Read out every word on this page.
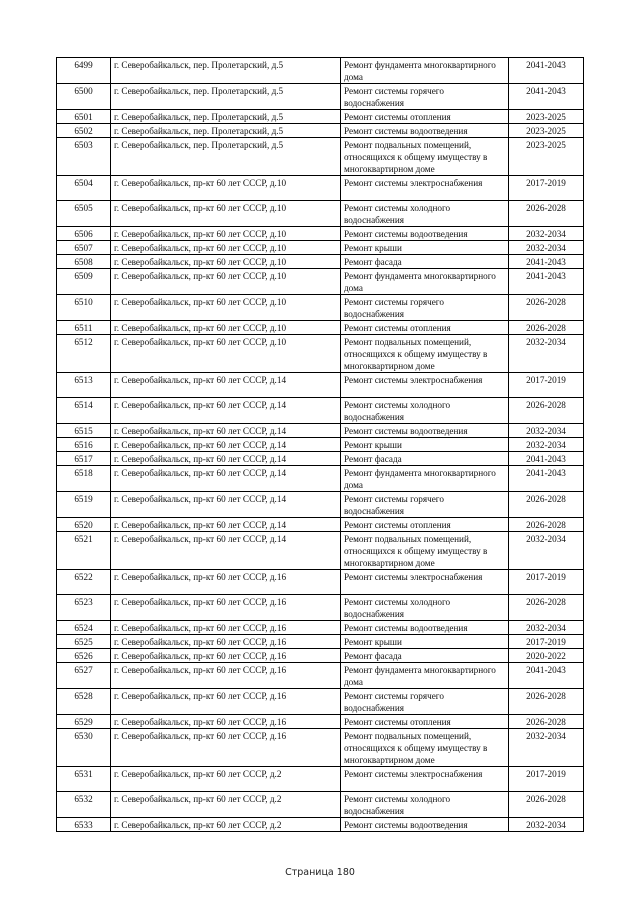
6499	г. Северобайкальск, пер. Пролетарский, д.5	Ремонт фундамента многоквартирного дома	2041-2043
6500	г. Северобайкальск, пер. Пролетарский, д.5	Ремонт системы горячего водоснабжения	2041-2043
6501	г. Северобайкальск, пер. Пролетарский, д.5	Ремонт системы отопления	2023-2025
6502	г. Северобайкальск, пер. Пролетарский, д.5	Ремонт системы водоотведения	2023-2025
6503	г. Северобайкальск, пер. Пролетарский, д.5	Ремонт подвальных помещений, относящихся к общему имуществу в многоквартирном доме	2023-2025
6504	г. Северобайкальск, пр-кт 60 лет СССР, д.10	Ремонт системы электроснабжения	2017-2019
6505	г. Северобайкальск, пр-кт 60 лет СССР, д.10	Ремонт системы холодного водоснабжения	2026-2028
6506	г. Северобайкальск, пр-кт 60 лет СССР, д.10	Ремонт системы водоотведения	2032-2034
6507	г. Северобайкальск, пр-кт 60 лет СССР, д.10	Ремонт крыши	2032-2034
6508	г. Северобайкальск, пр-кт 60 лет СССР, д.10	Ремонт фасада	2041-2043
6509	г. Северобайкальск, пр-кт 60 лет СССР, д.10	Ремонт фундамента многоквартирного дома	2041-2043
6510	г. Северобайкальск, пр-кт 60 лет СССР, д.10	Ремонт системы горячего водоснабжения	2026-2028
6511	г. Северобайкальск, пр-кт 60 лет СССР, д.10	Ремонт системы отопления	2026-2028
6512	г. Северобайкальск, пр-кт 60 лет СССР, д.10	Ремонт подвальных помещений, относящихся к общему имуществу в многоквартирном доме	2032-2034
6513	г. Северобайкальск, пр-кт 60 лет СССР, д.14	Ремонт системы электроснабжения	2017-2019
6514	г. Северобайкальск, пр-кт 60 лет СССР, д.14	Ремонт системы холодного водоснабжения	2026-2028
6515	г. Северобайкальск, пр-кт 60 лет СССР, д.14	Ремонт системы водоотведения	2032-2034
6516	г. Северобайкальск, пр-кт 60 лет СССР, д.14	Ремонт крыши	2032-2034
6517	г. Северобайкальск, пр-кт 60 лет СССР, д.14	Ремонт фасада	2041-2043
6518	г. Северобайкальск, пр-кт 60 лет СССР, д.14	Ремонт фундамента многоквартирного дома	2041-2043
6519	г. Северобайкальск, пр-кт 60 лет СССР, д.14	Ремонт системы горячего водоснабжения	2026-2028
6520	г. Северобайкальск, пр-кт 60 лет СССР, д.14	Ремонт системы отопления	2026-2028
6521	г. Северобайкальск, пр-кт 60 лет СССР, д.14	Ремонт подвальных помещений, относящихся к общему имуществу в многоквартирном доме	2032-2034
6522	г. Северобайкальск, пр-кт 60 лет СССР, д.16	Ремонт системы электроснабжения	2017-2019
6523	г. Северобайкальск, пр-кт 60 лет СССР, д.16	Ремонт системы холодного водоснабжения	2026-2028
6524	г. Северобайкальск, пр-кт 60 лет СССР, д.16	Ремонт системы водоотведения	2032-2034
6525	г. Северобайкальск, пр-кт 60 лет СССР, д.16	Ремонт крыши	2017-2019
6526	г. Северобайкальск, пр-кт 60 лет СССР, д.16	Ремонт фасада	2020-2022
6527	г. Северобайкальск, пр-кт 60 лет СССР, д.16	Ремонт фундамента многоквартирного дома	2041-2043
6528	г. Северобайкальск, пр-кт 60 лет СССР, д.16	Ремонт системы горячего водоснабжения	2026-2028
6529	г. Северобайкальск, пр-кт 60 лет СССР, д.16	Ремонт системы отопления	2026-2028
6530	г. Северобайкальск, пр-кт 60 лет СССР, д.16	Ремонт подвальных помещений, относящихся к общему имуществу в многоквартирном доме	2032-2034
6531	г. Северобайкальск, пр-кт 60 лет СССР, д.2	Ремонт системы электроснабжения	2017-2019
6532	г. Северобайкальск, пр-кт 60 лет СССР, д.2	Ремонт системы холодного водоснабжения	2026-2028
6533	г. Северобайкальск, пр-кт 60 лет СССР, д.2	Ремонт системы водоотведения	2032-2034
Страница 180
